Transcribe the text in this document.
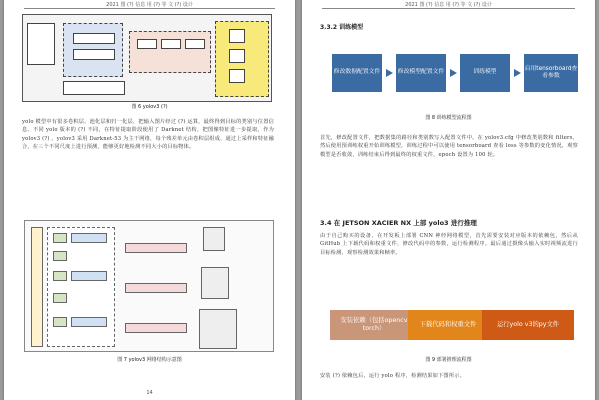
2021 图 (?) 信息 用 (?) 等 文 (?) 设计
图 6 yolov3 (?)

yolo 模型中有很多卷积层、池化层和归一化层，把输入图片经过 (?) 运算，最终得到目标的类别与位置信息。不同 yolo 版本的 (?) 不同，在特征提取阶段使用了 Darknet 结构，把图像特征进一步提取，作为 yolov3 (?) 。yolov3 采用 Darknet-53 为主干网络，每个残差单元由卷积层组成，通过上采样和特征融合，在三个不同尺度上进行预测，能够更好地检测不同大小的目标物体。

图 7 yolov3 网络结构示意图
14
2021 图 (?) 信息 用 (?) 等 文 (?) 设计
3.3.2 训练模型
修改数据配置文件	修改模型配置文件	训练模型
启用tensorboard查看参数
图 8 训练模型流程图

首先，修改配置文件，把数据集的路径和类别数写入配置文件中。在 yolov3.cfg 中修改类别数和 filters，然后使用预训练权重开始训练模型，训练过程中可以使用 tensorboard 查看 loss 等参数的变化情况，观察模型是否收敛，训练结束后得到最终的权重文件，epoch 设置为 100 轮。

3.4 在 JETSON XACIER NX 上部 yolo3 进行推理

由于自己购买的设备，在开发板上部署 CNN 神经网络模型，首先需要安装对应版本的依赖包，然后从 GitHub 上下载代码和权重文件，修改代码中的参数，运行检测程序。最后通过摄像头输入实时视频流进行目标检测，观察检测效果和帧率。

安装依赖（包括opencv torch）
下载代码和权重文件	运行yolo v3的py文件
图 9 部署推理流程图

安装 (?) 依赖包后，运行 yolo 程序，检测结果如下图所示。
